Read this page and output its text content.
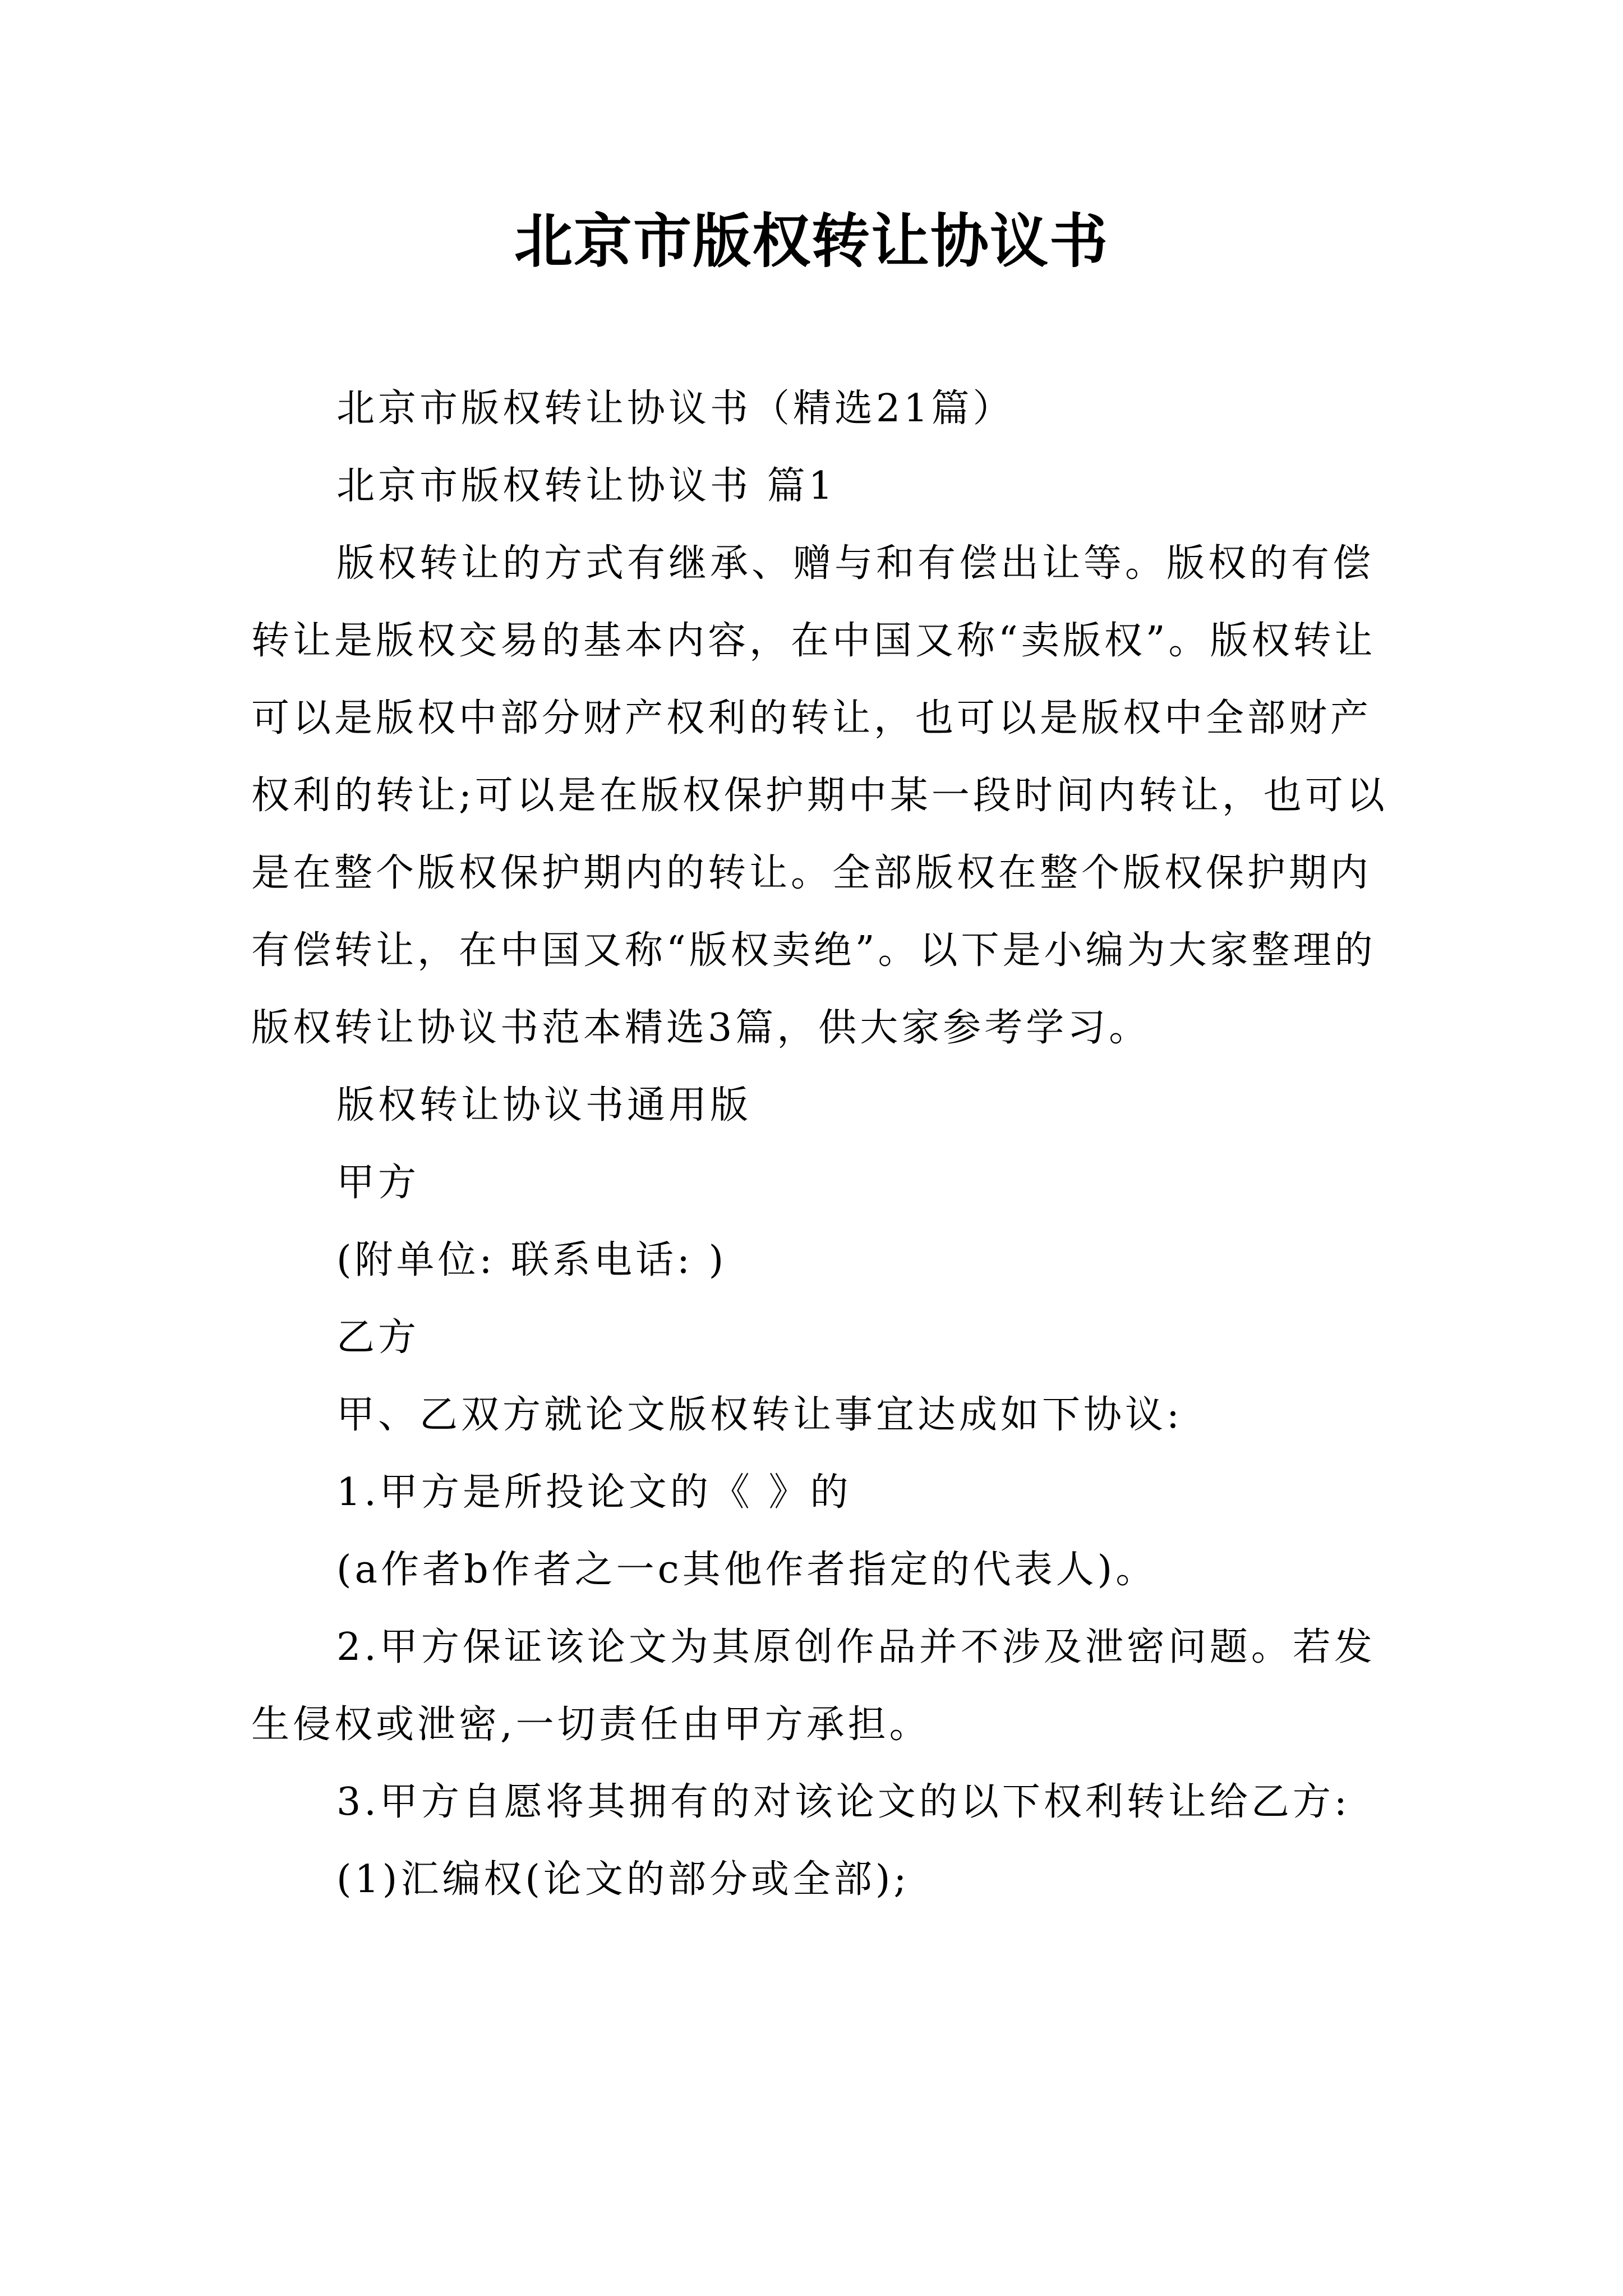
北京市版权转让协议书

北京市版权转让协议书（精选21篇）

北京市版权转让协议书 篇1

版权转让的方式有继承、赠与和有偿出让等。版权的有偿转让是版权交易的基本内容，在中国又称“卖版权”。版权转让可以是版权中部分财产权利的转让，也可以是版权中全部财产权利的转让;可以是在版权保护期中某一段时间内转让，也可以是在整个版权保护期内的转让。全部版权在整个版权保护期内有偿转让，在中国又称“版权卖绝”。以下是小编为大家整理的版权转让协议书范本精选3篇，供大家参考学习。

版权转让协议书通用版

甲方

(附单位: 联系电话: )

乙方

甲、乙双方就论文版权转让事宜达成如下协议:

1.甲方是所投论文的《 》的

(a作者b作者之一c其他作者指定的代表人)。

2.甲方保证该论文为其原创作品并不涉及泄密问题。若发生侵权或泄密,一切责任由甲方承担。

3.甲方自愿将其拥有的对该论文的以下权利转让给乙方:

(1)汇编权(论文的部分或全部);
